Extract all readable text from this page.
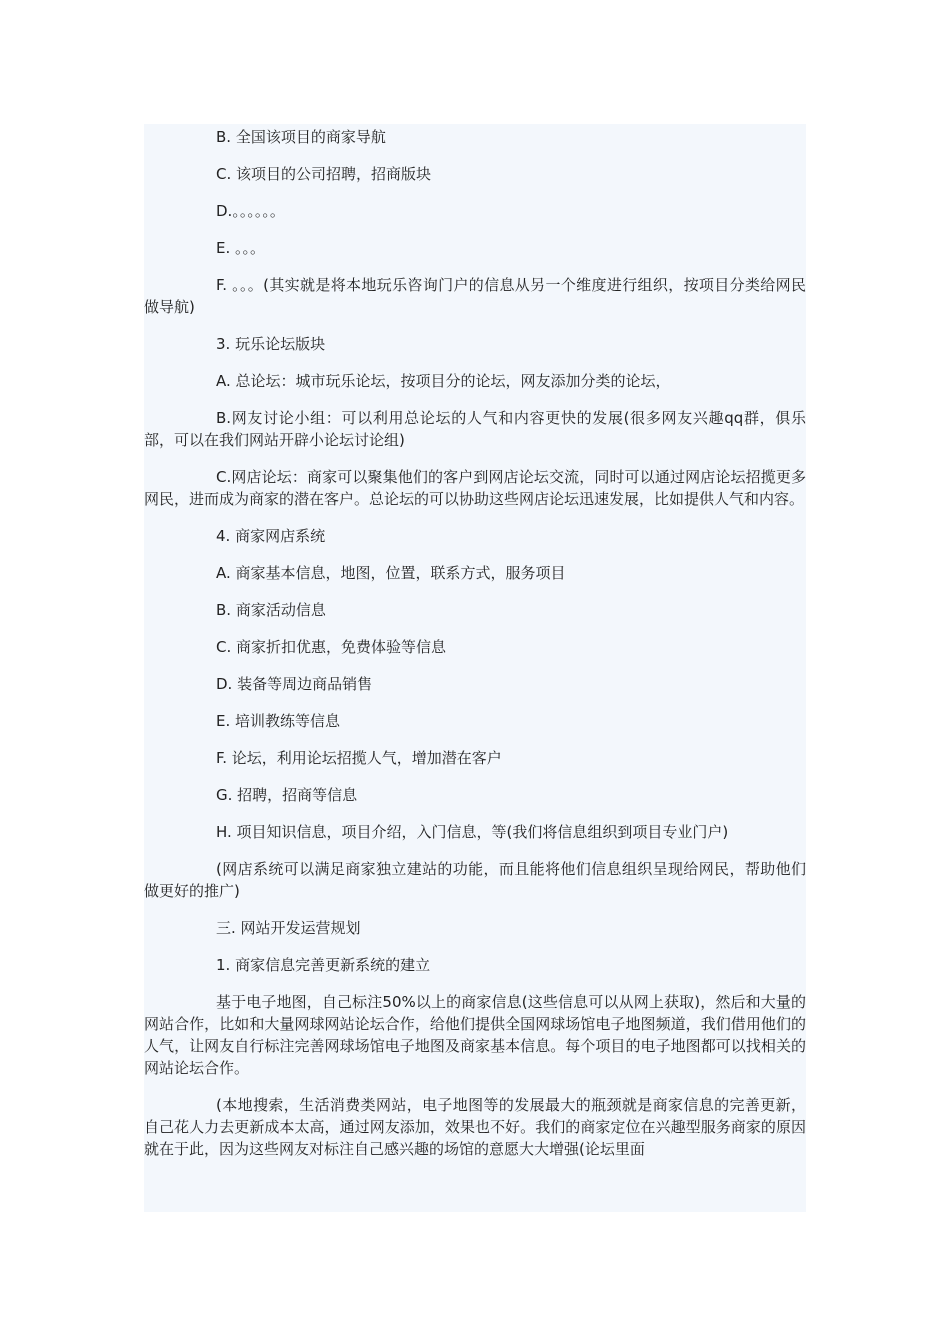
B. 全国该项目的商家导航

C. 该项目的公司招聘，招商版块

D.。。。。。。

E. 。。。

F. 。。。(其实就是将本地玩乐咨询门户的信息从另一个维度进行组织，按项目分类给网民做导航)

3. 玩乐论坛版块

A. 总论坛：城市玩乐论坛，按项目分的论坛，网友添加分类的论坛，

B.网友讨论小组：可以利用总论坛的人气和内容更快的发展(很多网友兴趣qq群，俱乐部，可以在我们网站开辟小论坛讨论组)

C.网店论坛：商家可以聚集他们的客户到网店论坛交流，同时可以通过网店论坛招揽更多网民，进而成为商家的潜在客户。总论坛的可以协助这些网店论坛迅速发展，比如提供人气和内容。

4. 商家网店系统

A. 商家基本信息，地图，位置，联系方式，服务项目

B. 商家活动信息

C. 商家折扣优惠，免费体验等信息

D. 装备等周边商品销售

E. 培训教练等信息

F. 论坛，利用论坛招揽人气，增加潜在客户

G. 招聘，招商等信息

H. 项目知识信息，项目介绍，入门信息，等(我们将信息组织到项目专业门户)

(网店系统可以满足商家独立建站的功能，而且能将他们信息组织呈现给网民，帮助他们做更好的推广)

三. 网站开发运营规划

1. 商家信息完善更新系统的建立

基于电子地图，自己标注50%以上的商家信息(这些信息可以从网上获取)，然后和大量的网站合作，比如和大量网球网站论坛合作，给他们提供全国网球场馆电子地图频道，我们借用他们的人气，让网友自行标注完善网球场馆电子地图及商家基本信息。每个项目的电子地图都可以找相关的网站论坛合作。

(本地搜索，生活消费类网站，电子地图等的发展最大的瓶颈就是商家信息的完善更新，自己花人力去更新成本太高，通过网友添加，效果也不好。我们的商家定位在兴趣型服务商家的原因就在于此，因为这些网友对标注自己感兴趣的场馆的意愿大大增强(论坛里面
